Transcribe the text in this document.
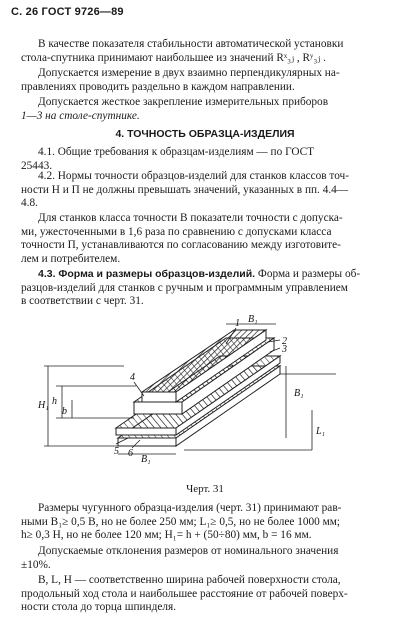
С. 26 ГОСТ 9726—89
В качестве показателя стабильности автоматической установки
стола-спутника принимают наибольшее из значений Rˣ₃ⱼ , Rʸ₃ⱼ .
Допускается измерение в двух взаимно перпендикулярных на-
правлениях проводить раздельно в каждом направлении.
Допускается жесткое закрепление измерительных приборов
1—3 на столе-спутнике.
4. ТОЧНОСТЬ ОБРАЗЦА-ИЗДЕЛИЯ
4.1. Общие требования к образцам-изделиям — по ГОСТ
25443.
4.2. Нормы точности образцов-изделий для станков классов точ-
ности Н и П не должны превышать значений, указанных в пп. 4.4—
4.8.
Для станков класса точности В показатели точности с допуска-
ми, ужесточенными в 1,6 раза по сравнению с допусками класса
точности П, устанавливаются по согласованию между изготовите-
лем и потребителем.
4.3. Форма и размеры образцов-изделий. Форма и размеры об-
разцов-изделий для станков с ручным и программным управлением
в соответствии с черт. 31.
1
2
3
4
5 6
B₁
B₁
B₁
L₁
H₁ h
b
Черт. 31
Размеры чугунного образца-изделия (черт. 31) принимают рав-
ными B₁≥ 0,5 B, но не более 250 мм; L₁≥ 0,5, но не более 1000 мм;
h≥ 0,3 H, но не более 120 мм; H₁= h + (50÷80) мм, b = 16 мм.
Допускаемые отклонения размеров от номинального значения
±10%.
B, L, H — соответственно ширина рабочей поверхности стола,
продольный ход стола и наибольшее расстояние от рабочей поверх-
ности стола до торца шпинделя.
